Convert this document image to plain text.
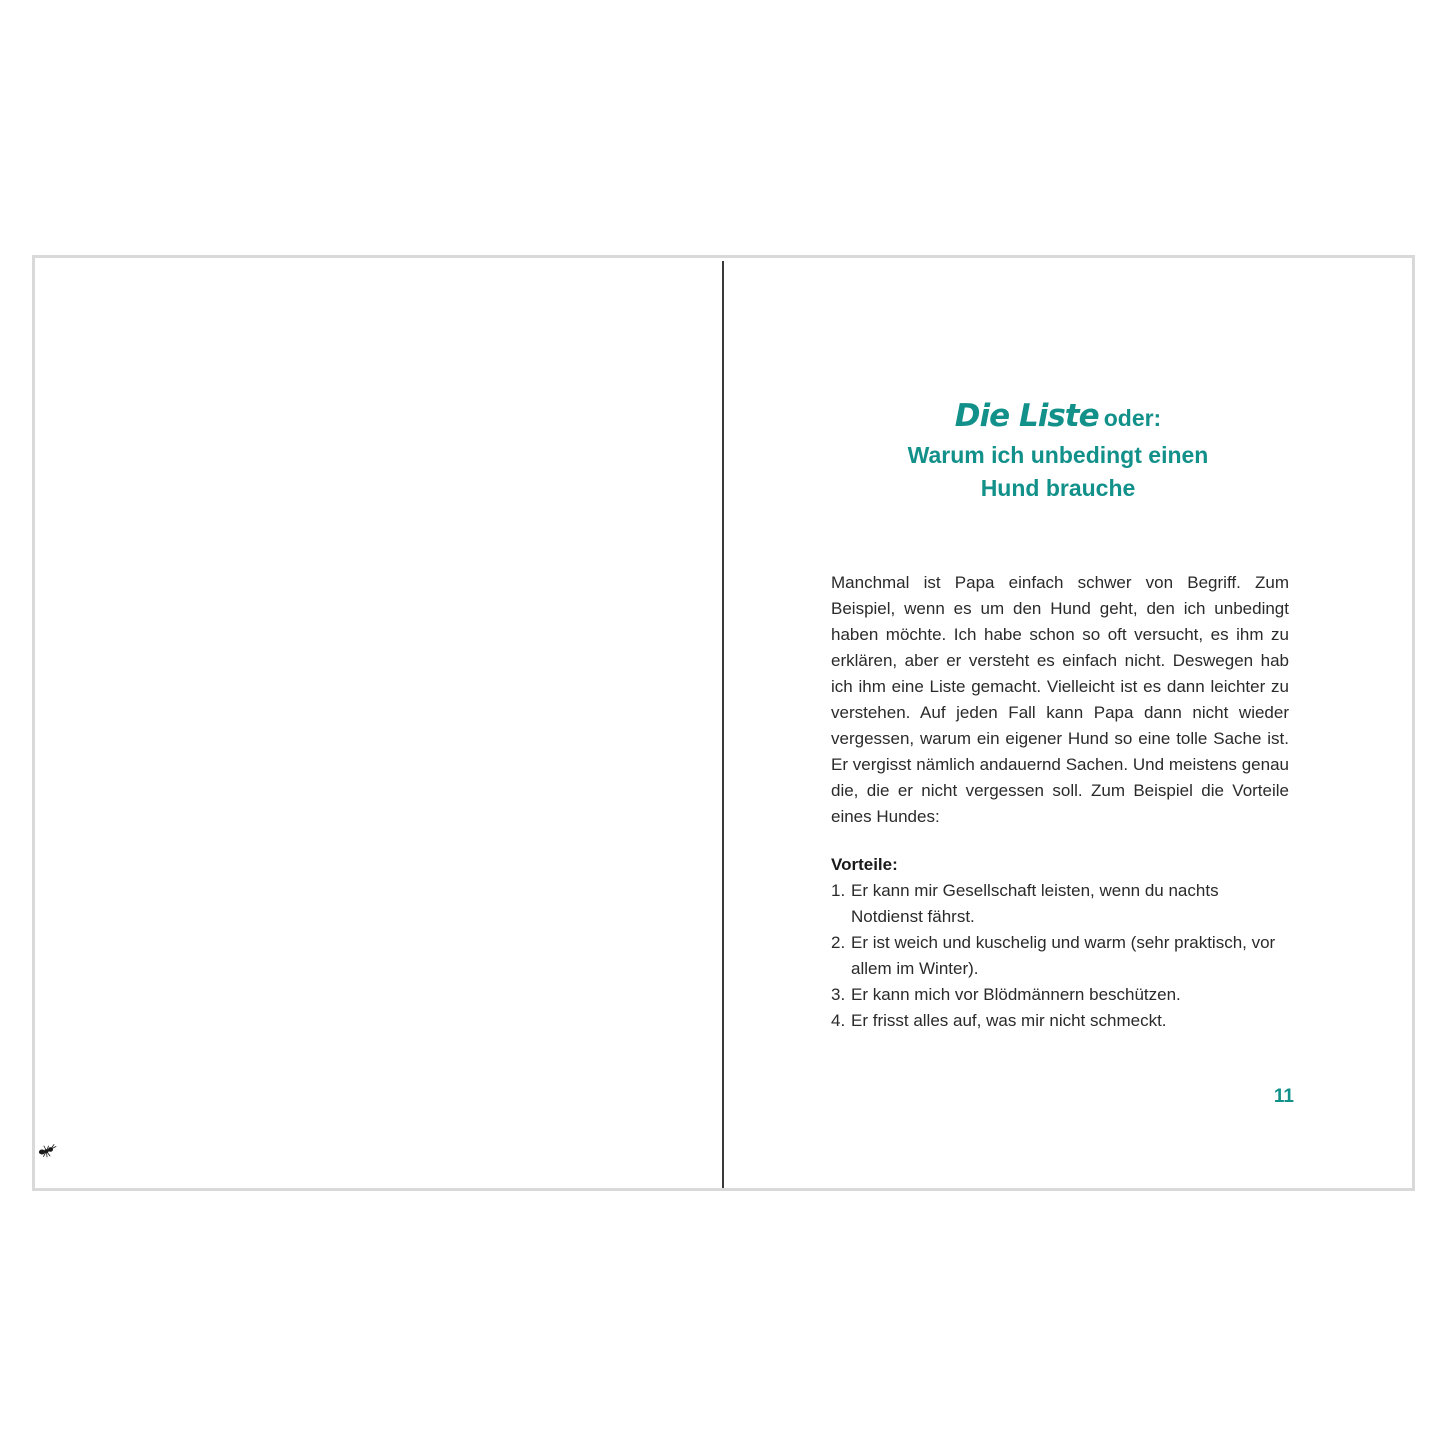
Die Liste oder:

Warum ich unbedingt einen

Hund brauche

Manchmal ist Papa einfach schwer von Begriff. Zum Beispiel, wenn es um den Hund geht, den ich unbedingt haben möchte. Ich habe schon so oft versucht, es ihm zu erklären, aber er versteht es einfach nicht. Deswegen hab ich ihm eine Liste gemacht. Vielleicht ist es dann leichter zu verstehen. Auf jeden Fall kann Papa dann nicht wieder vergessen, warum ein eigener Hund so eine tolle Sache ist. Er vergisst nämlich andauernd Sachen. Und meistens genau die, die er nicht vergessen soll. Zum Beispiel die Vorteile eines Hundes:

Vorteile:

1. Er kann mir Gesellschaft leisten, wenn du nachts Notdienst fährst.
2. Er ist weich und kuschelig und warm (sehr praktisch, vor allem im Winter).
3. Er kann mich vor Blödmännern beschützen.
4. Er frisst alles auf, was mir nicht schmeckt.
11
